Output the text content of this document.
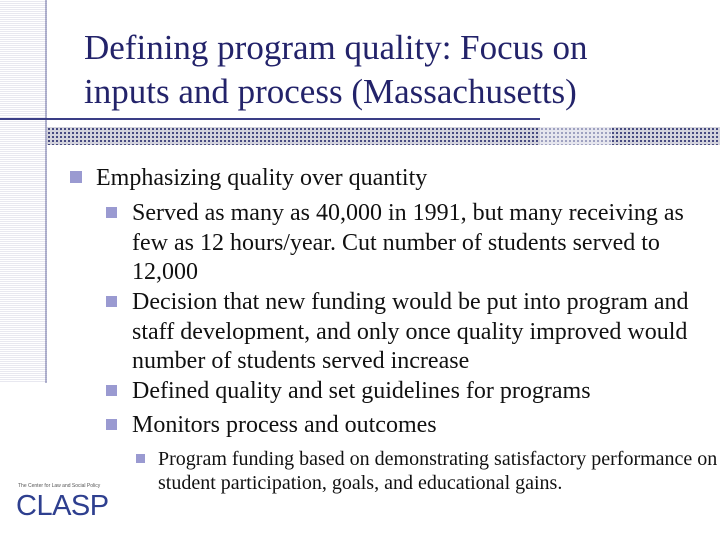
Defining program quality: Focus on
inputs and process (Massachusetts)
Emphasizing quality over quantity
Served as many as 40,000 in 1991, but many receiving as few as 12 hours/year. Cut number of students served to 12,000
Decision that new funding would be put into program and staff development, and only once quality improved would number of students served increase
Defined quality and set guidelines for programs
Monitors process and outcomes
Program funding based on demonstrating satisfactory performance on student participation, goals, and educational gains.
The Center for Law and Social Policy
CLASP
